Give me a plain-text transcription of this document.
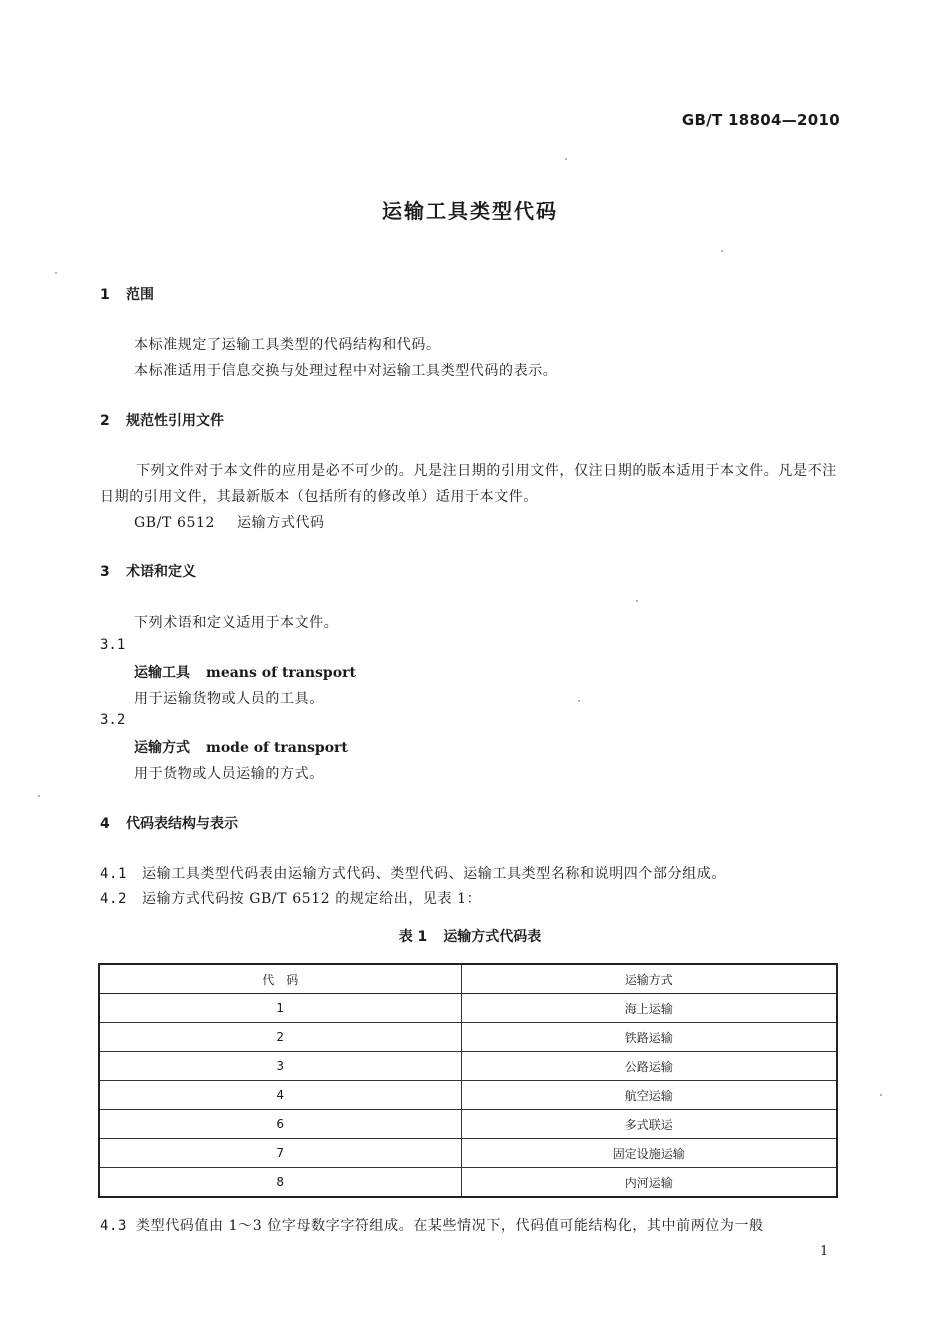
GB/T 18804—2010
运输工具类型代码
1 范围
本标准规定了运输工具类型的代码结构和代码。
本标准适用于信息交换与处理过程中对运输工具类型代码的表示。
2 规范性引用文件
下列文件对于本文件的应用是必不可少的。凡是注日期的引用文件，仅注日期的版本适用于本文件。凡是不注日期的引用文件，其最新版本（包括所有的修改单）适用于本文件。
GB/T 6512 运输方式代码
3 术语和定义
下列术语和定义适用于本文件。
3.1
运输工具 means of transport
用于运输货物或人员的工具。
3.2
运输方式 mode of transport
用于货物或人员运输的方式。
4 代码表结构与表示
4.1 运输工具类型代码表由运输方式代码、类型代码、运输工具类型名称和说明四个部分组成。
4.2 运输方式代码按 GB/T 6512 的规定给出，见表 1：
表 1 运输方式代码表
代　码	运输方式
1	海上运输
2	铁路运输
3	公路运输
4	航空运输
6	多式联运
7	固定设施运输
8	内河运输
4.3 类型代码值由 1～3 位字母数字字符组成。在某些情况下，代码值可能结构化，其中前两位为一般
1
